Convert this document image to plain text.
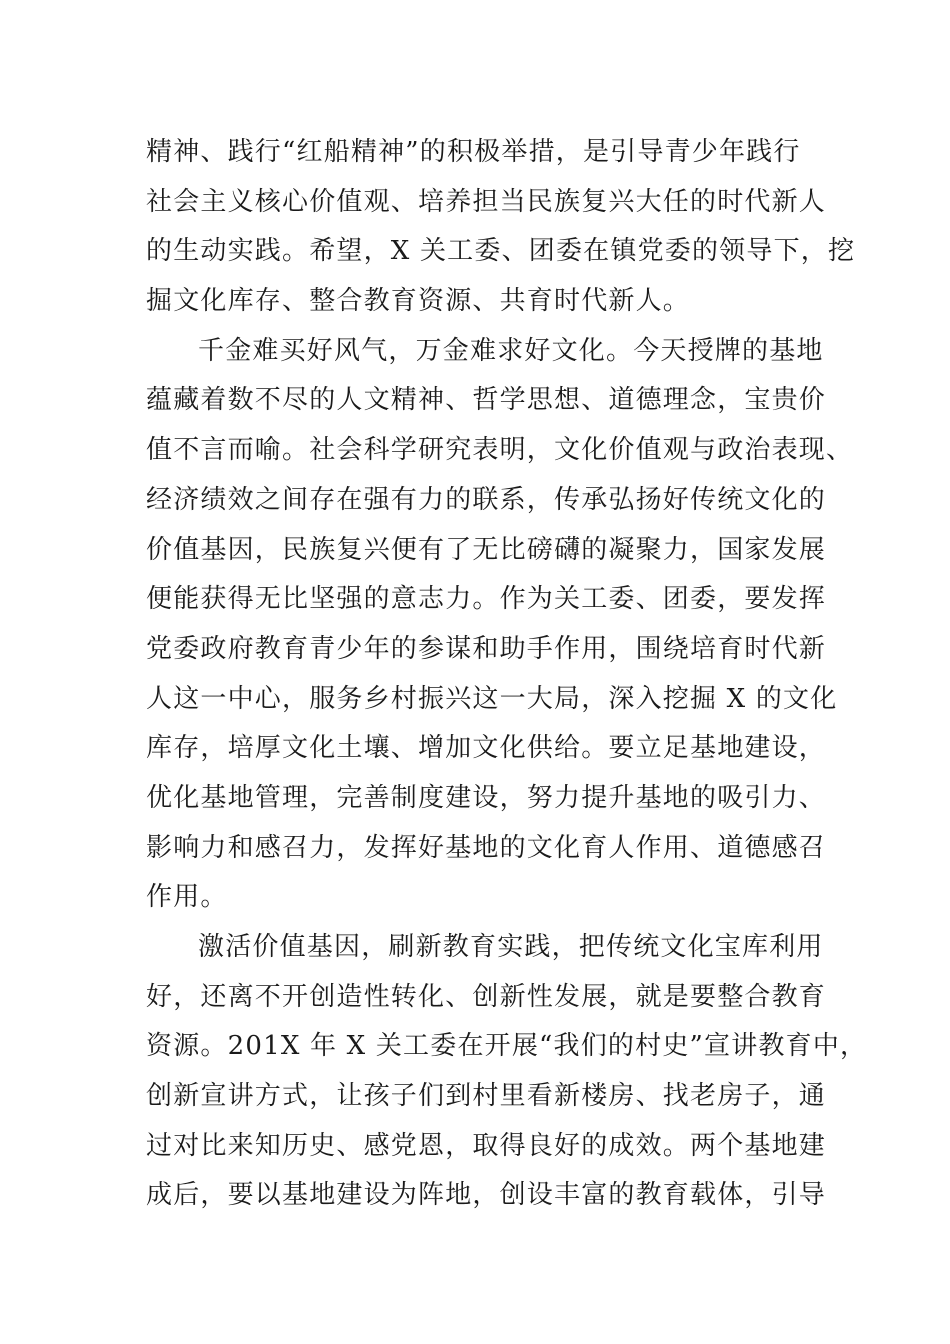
精神、践行“红船精神”的积极举措，是引导青少年践行
社会主义核心价值观、培养担当民族复兴大任的时代新人
的生动实践。希望，X 关工委、团委在镇党委的领导下，挖
掘文化库存、整合教育资源、共育时代新人。
千金难买好风气，万金难求好文化。今天授牌的基地
蕴藏着数不尽的人文精神、哲学思想、道德理念，宝贵价
值不言而喻。社会科学研究表明，文化价值观与政治表现、
经济绩效之间存在强有力的联系，传承弘扬好传统文化的
价值基因，民族复兴便有了无比磅礴的凝聚力，国家发展
便能获得无比坚强的意志力。作为关工委、团委，要发挥
党委政府教育青少年的参谋和助手作用，围绕培育时代新
人这一中心，服务乡村振兴这一大局，深入挖掘 X 的文化
库存，培厚文化土壤、增加文化供给。要立足基地建设，
优化基地管理，完善制度建设，努力提升基地的吸引力、
影响力和感召力，发挥好基地的文化育人作用、道德感召
作用。
激活价值基因，刷新教育实践，把传统文化宝库利用
好，还离不开创造性转化、创新性发展，就是要整合教育
资源。201X 年 X 关工委在开展“我们的村史”宣讲教育中，
创新宣讲方式，让孩子们到村里看新楼房、找老房子，通
过对比来知历史、感党恩，取得良好的成效。两个基地建
成后，要以基地建设为阵地，创设丰富的教育载体，引导
